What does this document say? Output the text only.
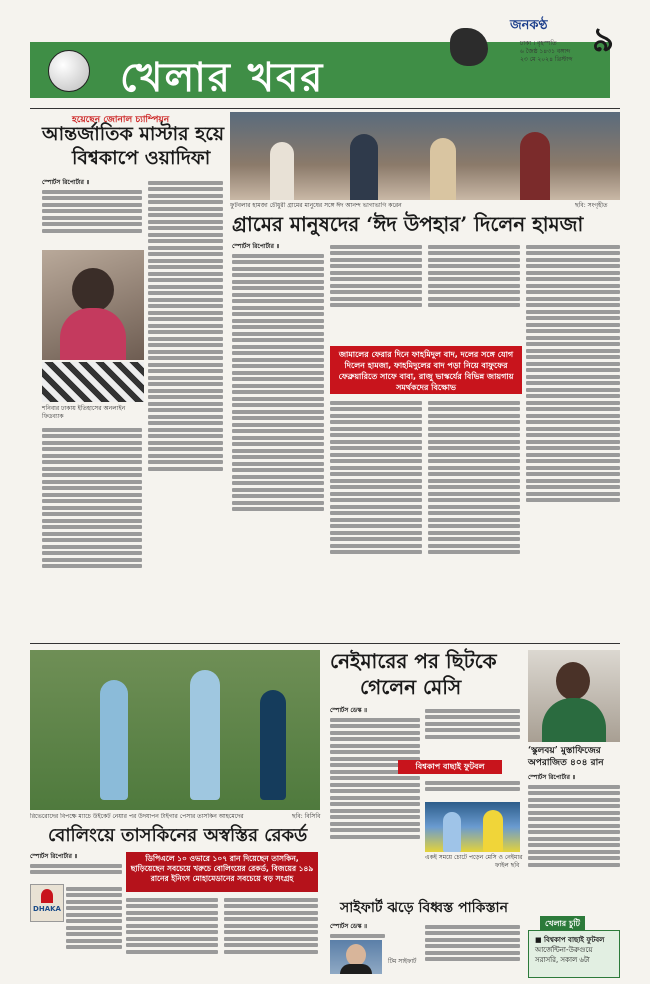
খেলার খবর
জনকণ্ঠ
ঢাকা । বৃহস্পতি
৬ জৈষ্ঠ ১৪৩১ বঙ্গাব্দ
২৩ মে ২০২৪ খ্রিস্টাব্দ ৯
হয়েছেন জোনাল চ্যাম্পিয়ন
আন্তর্জাতিক মাস্টার হয়ে
বিশ্বকাপে ওয়াদিফা
স্পোর্টস রিপোর্টার ॥
শনিবার ঢাকায় ইতিহাসের অনলাইন ফিডব্যাক
ফুটবলার হামজা চৌধুরী গ্রামের মানুষের সঙ্গে ঈদ আনন্দ ভাগাভাগি করেন	ছবি: সংগৃহীত
গ্রামের মানুষদের ‘ঈদ উপহার’ দিলেন হামজা
স্পোর্টস রিপোর্টার ॥
জামালের ফেরার দিনে ফাহমিদুল বাদ, দলের সঙ্গে যোগ দিলেন হামজা, ফাহমিদুলের বাদ পড়া নিয়ে বাফুফের ফেব্রুয়ারিতে সাফে বাবা, রাজু ভাস্কর্যের বিভিন্ন জায়গায় সমর্থকদের বিক্ষোভ
নেইমারের পর ছিটকে
গেলেন মেসি
রিভেরোদের বিপক্ষে ম্যাচে উইকেট নেয়ার পর উদযাপন টাইগার পেসার তাসকিন আহমেদের	ছবি: বিসিবি
স্পোর্টস ডেস্ক ॥
বিশ্বকাপ বাছাই ফুটবল
একই সময়ে চোটে পড়েন মেসি ও নেইমার
ফাইল ছবি
‘স্কুলবয়’ মুস্তাফিজের
অপরাজিত ৪০৪ রান
স্পোর্টস রিপোর্টার ॥
বোলিংয়ে তাসকিনের অস্বস্তির রেকর্ড
স্পোর্টস রিপোর্টার ॥
DHAKA
ডিপিএলে ১০ ওভারে ১০৭ রান দিয়েছেন তাসকিন, ছাড়িয়েছেন সবচেয়ে খরুচে বোলিংয়ের রেকর্ড, বিজয়ের ১৪৯ রানের ইনিংস মোহামেডানের সবচেয়ে বড় সংগ্রহ
সাইফার্ট ঝড়ে বিধ্বস্ত পাকিস্তান
স্পোর্টস ডেস্ক ॥
টিম সাইফার্ট
খেলার চুটি
■ বিশ্বকাপ বাছাই ফুটবল
আর্জেন্টিনা-উরুগুয়ে
সরাসরি, সকাল ৬টা
